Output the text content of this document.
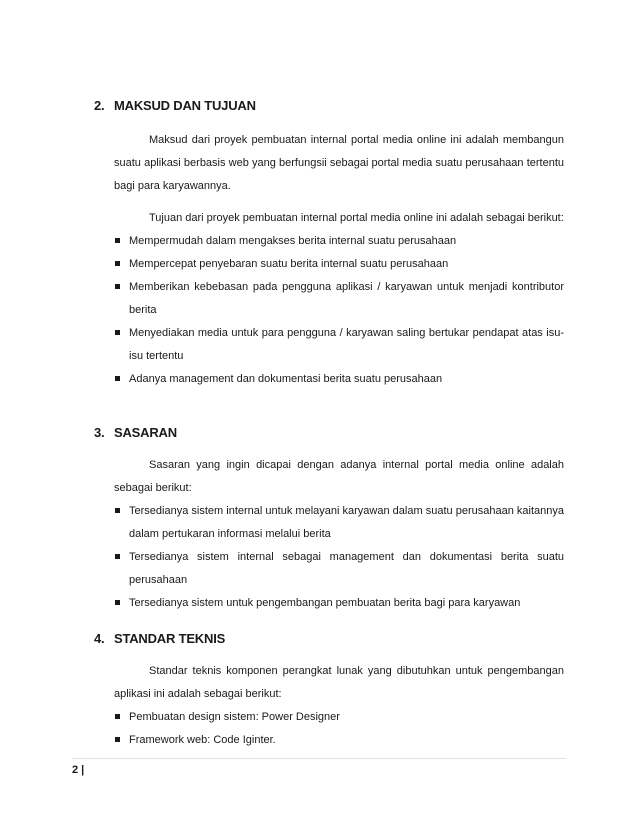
2. MAKSUD DAN TUJUAN

Maksud dari proyek pembuatan internal portal media online ini adalah membangun suatu aplikasi berbasis web yang berfungsii sebagai portal media suatu perusahaan tertentu bagi para karyawannya.

Tujuan dari proyek pembuatan internal portal media online ini adalah sebagai berikut:

Mempermudah dalam mengakses berita internal suatu perusahaan
Mempercepat penyebaran suatu berita internal suatu perusahaan
Memberikan kebebasan pada pengguna aplikasi / karyawan untuk menjadi kontributor berita
Menyediakan media untuk para pengguna / karyawan saling bertukar pendapat atas isu-isu tertentu
Adanya management dan dokumentasi berita suatu perusahaan
3. SASARAN

Sasaran yang ingin dicapai dengan adanya internal portal media online adalah sebagai berikut:

Tersedianya sistem internal untuk melayani karyawan dalam suatu perusahaan kaitannya dalam pertukaran informasi melalui berita
Tersedianya sistem internal sebagai management dan dokumentasi berita suatu perusahaan
Tersedianya sistem untuk pengembangan pembuatan berita bagi para karyawan
4. STANDAR TEKNIS

Standar teknis komponen perangkat lunak yang dibutuhkan untuk pengembangan aplikasi ini adalah sebagai berikut:

Pembuatan design sistem: Power Designer
Framework web: Code Iginter.
2 |
